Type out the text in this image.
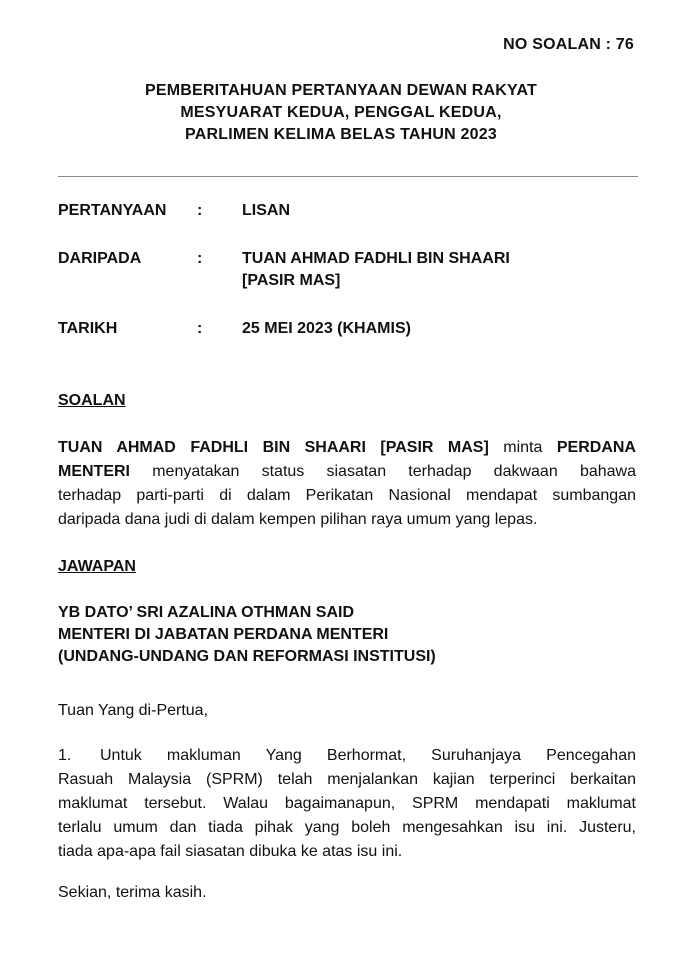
NO SOALAN : 76
PEMBERITAHUAN PERTANYAAN DEWAN RAKYAT
MESYUARAT KEDUA, PENGGAL KEDUA,
PARLIMEN KELIMA BELAS TAHUN 2023
PERTANYAAN : LISAN
DARIPADA	: TUAN AHMAD FADHLI BIN SHAARI
[PASIR MAS]
TARIKH	: 25 MEI 2023 (KHAMIS)
SOALAN
TUAN AHMAD FADHLI BIN SHAARI [PASIR MAS] minta PERDANA
MENTERI menyatakan status siasatan terhadap dakwaan bahawa
terhadap parti-parti di dalam Perikatan Nasional mendapat sumbangan
daripada dana judi di dalam kempen pilihan raya umum yang lepas.
JAWAPAN
YB DATO’ SRI AZALINA OTHMAN SAID
MENTERI DI JABATAN PERDANA MENTERI
(UNDANG-UNDANG DAN REFORMASI INSTITUSI)
Tuan Yang di-Pertua,
1. Untuk makluman Yang Berhormat, Suruhanjaya Pencegahan
Rasuah Malaysia (SPRM) telah menjalankan kajian terperinci berkaitan
maklumat tersebut. Walau bagaimanapun, SPRM mendapati maklumat
terlalu umum dan tiada pihak yang boleh mengesahkan isu ini. Justeru,
tiada apa-apa fail siasatan dibuka ke atas isu ini.
Sekian, terima kasih.
